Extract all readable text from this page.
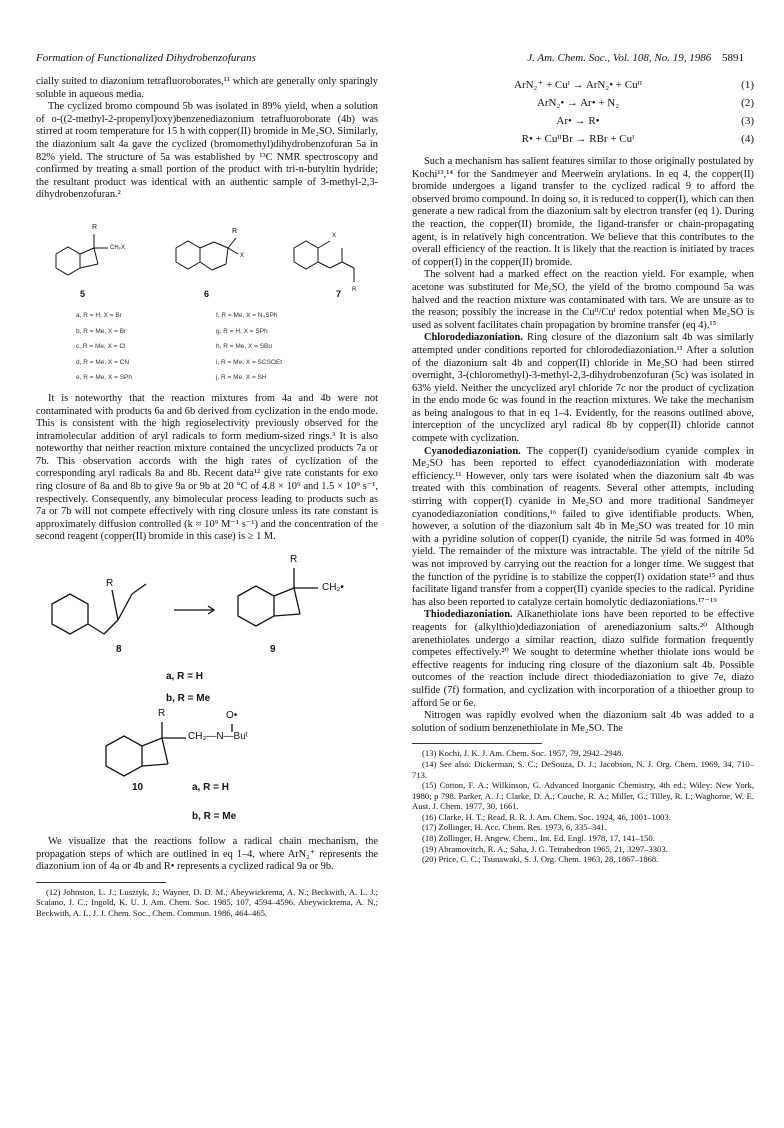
Formation of Functionalized Dihydrobenzofurans	J. Am. Chem. Soc., Vol. 108, No. 19, 1986 5891

cially suited to diazonium tetrafluoroborates,¹¹ which are generally only sparingly soluble in aqueous media.

The cyclized bromo compound 5b was isolated in 89% yield, when a solution of o-((2-methyl-2-propenyl)oxy)benzenediazonium tetrafluoroborate (4b) was stirred at room temperature for 15 h with copper(II) bromide in Me₂SO. Similarly, the diazonium salt 4a gave the cyclized (bromomethyl)dihydrobenzofuran 5a in 82% yield. The structure of 5a was established by ¹³C NMR spectroscopy and confirmed by treating a small portion of the product with tri-n-butyltin hydride; the resultant product was identical with an authentic sample of 3-methyl-2,3-dihydrobenzofuran.²

R
CH₂X
R
X
X
R
5	6	7
a, R = H, X = Br	f, R = Me, X = N₃SPh
b, R = Me, X = Br	g, R = H, X = SPh
c, R = Me, X = Cl	h, R = Me, X = SBu
d, R = Me, X = CN	i, R = Me, X = SCSOEt
e, R = Me, X = SPh	j, R = Me, X = SH

It is noteworthy that the reaction mixtures from 4a and 4b were not contaminated with products 6a and 6b derived from cyclization in the endo mode. This is consistent with the high regioselectivity previously observed for the intramolecular addition of aryl radicals to form medium-sized rings.³ It is also noteworthy that neither reaction mixture contained the uncyclized products 7a or 7b. This observation accords with the high rates of cyclization of the corresponding aryl radicals 8a and 8b. Recent data¹² give rate constants for exo ring closure of 8a and 8b to give 9a or 9b at 20 °C of 4.8 × 10⁹ and 1.5 × 10⁹ s⁻¹, respectively. Consequently, any bimolecular process leading to products such as 7a or 7b will not compete effectively with ring closure unless its rate constant is approximately diffusion controlled (k ≈ 10⁹ M⁻¹ s⁻¹) and the concentration of the second reagent (copper(II) bromide in this case) is ≥ 1 M.

R
R
CH₂•
8	9
a, R = H
b, R = Me
R	O•
CH₂—N—Buᵗ
10	a, R = H
b, R = Me

We visualize that the reactions follow a radical chain mechanism, the propagation steps of which are outlined in eq 1–4, where ArN₂⁺ represents the diazonium ion of 4a or 4b and R• represents a cyclized radical 9a or 9b.

(12) Johnston, L. J.; Lusztyk, J.; Wayner, D. D. M.; Abeywickrema, A. N.; Beckwith, A. L. J.; Scaiano, J. C.; Ingold, K. U. J. Am. Chem. Soc. 1985, 107, 4594–4596. Abeywickrema, A. N.; Beckwith, A. L. J. J. Chem. Soc., Chem. Commun. 1986, 464–465.

ArN₂⁺ + Cuᴵ → ArN₂• + Cuᴵᴵ	(1)
ArN₂• → Ar• + N₂	(2)
Ar• → R•	(3)
R• + CuᴵᴵBr → RBr + Cuᴵ	(4)

Such a mechanism has salient features similar to those originally postulated by Kochi¹³,¹⁴ for the Sandmeyer and Meerwein arylations. In eq 4, the copper(II) bromide undergoes a ligand transfer to the cyclized radical 9 to afford the observed bromo compound. In doing so, it is reduced to copper(I), which can then generate a new radical from the diazonium salt by electron transfer (eq 1). During the reaction, the copper(II) bromide, the ligand-transfer or chain-propagating agent, is in relatively high concentration. We believe that this contributes to the overall efficiency of the reaction. It is likely that the reaction is initiated by traces of copper(I) in the copper(II) bromide.

The solvent had a marked effect on the reaction yield. For example, when acetone was substituted for Me₂SO, the yield of the bromo compound 5a was halved and the reaction mixture was contaminated with tars. We are unsure as to the reason; possibly the increase in the Cuᴵᴵ/Cuᴵ redox potential when Me₂SO is used as solvent facilitates chain propagation by bromine transfer (eq 4).¹⁵

Chlorodediazoniation. Ring closure of the diazonium salt 4b was similarly attempted under conditions reported for chlorodediazoniation.¹¹ After a solution of the diazonium salt 4b and copper(II) chloride in Me₂SO had been stirred overnight, 3-(chloromethyl)-3-methyl-2,3-dihydrobenzofuran (5c) was isolated in 63% yield. Neither the uncyclized aryl chloride 7c nor the product of cyclization in the endo mode 6c was found in the reaction mixtures. We take the mechanism as being analogous to that in eq 1–4. Evidently, for the reasons outlined above, interception of the uncyclized aryl radical 8b by copper(II) chloride cannot compete with cyclization.

Cyanodediazoniation. The copper(I) cyanide/sodium cyanide complex in Me₂SO has been reported to effect cyanodediazoniation with moderate efficiency.¹¹ However, only tars were isolated when the diazonium salt 4b was treated with this combination of reagents. Several other attempts, including stirring with copper(I) cyanide in Me₂SO and more traditional Sandmeyer cyanodediazoniation conditions,¹⁶ failed to give identifiable products. When, however, a solution of the diazonium salt 4b in Me₂SO was treated for 10 min with a pyridine solution of copper(I) cyanide, the nitrile 5d was formed in 40% yield. The remainder of the mixture was intractable. The yield of the nitrile 5d was not improved by carrying out the reaction for a longer time. We suggest that the function of the pyridine is to stabilize the copper(I) oxidation state¹⁵ and thus facilitate ligand transfer from a copper(II) cyanide species to the radical. Pyridine has also been reported to catalyze certain homolytic dediazoniations.¹⁷⁻¹⁹

Thiodediazoniation. Alkanethiolate ions have been reported to be effective reagents for (alkylthio)dediazoniation of arenediazonium salts.²⁰ Although arenethiolates undergo a similar reaction, diazo sulfide formation frequently competes effectively.²⁰ We sought to determine whether thiolate ions would be effective reagents for inducing ring closure of the diazonium salt 4b. Possible outcomes of the reaction include direct thiodediazoniation to give 7e, diazo sulfide (7f) formation, and cyclization with incorporation of a thioether group to afford 5e or 6e.

Nitrogen was rapidly evolved when the diazonium salt 4b was added to a solution of sodium benzenethiolate in Me₂SO. The

(13) Kochi, J. K. J. Am. Chem. Soc. 1957, 79, 2942–2948.

(14) See also: Dickerman, S. C.; DeSouza, D. J.; Jacobson, N. J. Org. Chem. 1969, 34, 710–713.

(15) Cotton, F. A.; Wilkinson, G. Advanced Inorganic Chemistry, 4th ed.; Wiley: New York, 1980; p 798. Parker, A. J.; Clarke, D. A.; Couche, R. A.; Miller, G.; Tilley, R. I.; Waghorne, W. E. Aust. J. Chem. 1977, 30, 1661.

(16) Clarke, H. T.; Read, R. R. J. Am. Chem. Soc. 1924, 46, 1001–1003.

(17) Zollinger, H. Acc. Chem. Res. 1973, 6, 335–341.

(18) Zollinger, H. Angew. Chem., Int. Ed. Engl. 1978, 17, 141–150.

(19) Abramovitch, R. A.; Saha, J. G. Tetrahedron 1965, 21, 3297–3303.

(20) Price, C. C.; Tsunawaki, S. J. Org. Chem. 1963, 28, 1867–1868.
